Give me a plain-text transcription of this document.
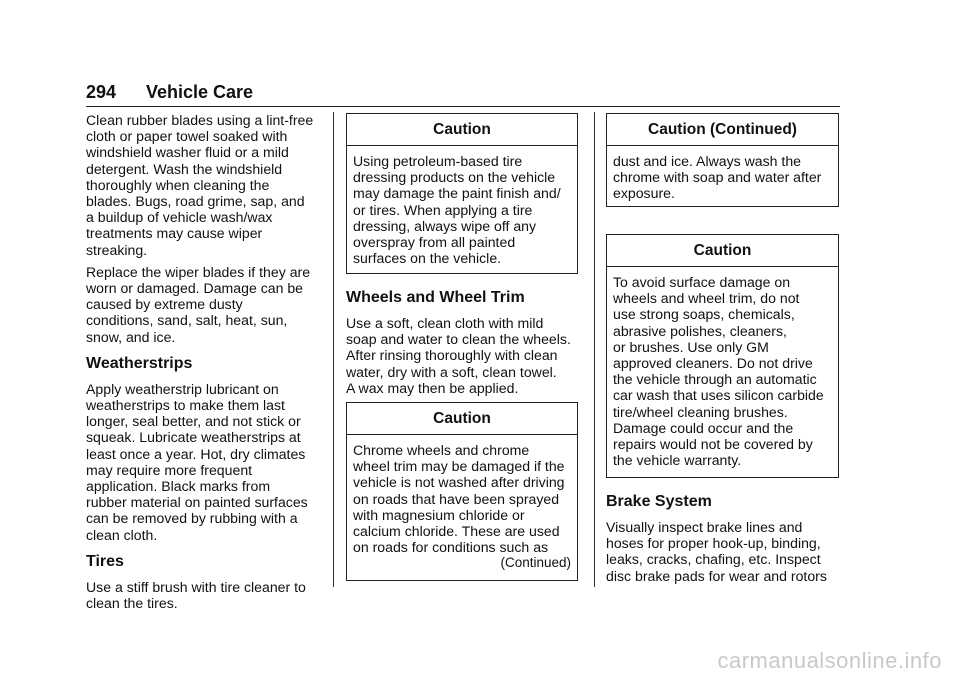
294 Vehicle Care

Clean rubber blades using a lint-free
cloth or paper towel soaked with
windshield washer fluid or a mild
detergent. Wash the windshield
thoroughly when cleaning the
blades. Bugs, road grime, sap, and
a buildup of vehicle wash/wax
treatments may cause wiper
streaking.

Replace the wiper blades if they are
worn or damaged. Damage can be
caused by extreme dusty
conditions, sand, salt, heat, sun,
snow, and ice.

Weatherstrips

Apply weatherstrip lubricant on
weatherstrips to make them last
longer, seal better, and not stick or
squeak. Lubricate weatherstrips at
least once a year. Hot, dry climates
may require more frequent
application. Black marks from
rubber material on painted surfaces
can be removed by rubbing with a
clean cloth.

Tires

Use a stiff brush with tire cleaner to
clean the tires.

Caution
Using petroleum-based tire
dressing products on the vehicle
may damage the paint finish and/
or tires. When applying a tire
dressing, always wipe off any
overspray from all painted
surfaces on the vehicle.
Wheels and Wheel Trim

Use a soft, clean cloth with mild
soap and water to clean the wheels.
After rinsing thoroughly with clean
water, dry with a soft, clean towel.
A wax may then be applied.

Caution
Chrome wheels and chrome
wheel trim may be damaged if the
vehicle is not washed after driving
on roads that have been sprayed
with magnesium chloride or
calcium chloride. These are used
on roads for conditions such as
(Continued)
Caution (Continued)
dust and ice. Always wash the
chrome with soap and water after
exposure.
Caution
To avoid surface damage on
wheels and wheel trim, do not
use strong soaps, chemicals,
abrasive polishes, cleaners,
or brushes. Use only GM
approved cleaners. Do not drive
the vehicle through an automatic
car wash that uses silicon carbide
tire/wheel cleaning brushes.
Damage could occur and the
repairs would not be covered by
the vehicle warranty.
Brake System

Visually inspect brake lines and
hoses for proper hook-up, binding,
leaks, cracks, chafing, etc. Inspect
disc brake pads for wear and rotors

carmanualsonline.info
